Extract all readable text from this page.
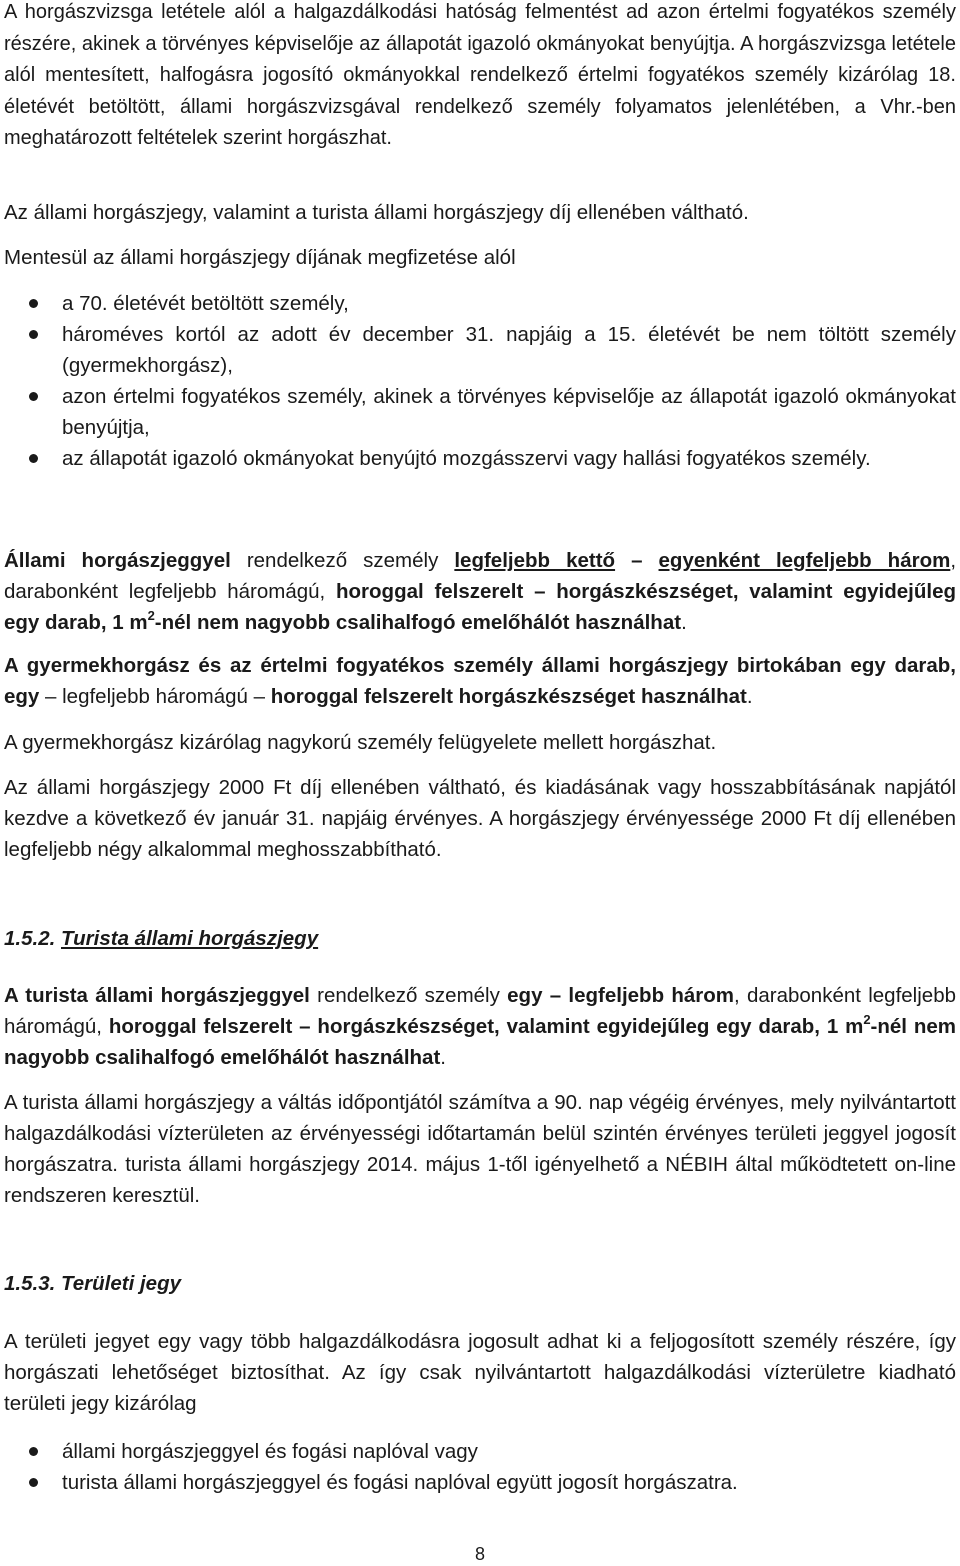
A horgászvizsga letétele alól a halgazdálkodási hatóság felmentést ad azon értelmi fogyatékos személy részére, akinek a törvényes képviselője az állapotát igazoló okmányokat benyújtja. A horgászvizsga letétele alól mentesített, halfogásra jogosító okmányokkal rendelkező értelmi fogyatékos személy kizárólag 18. életévét betöltött, állami horgászvizsgával rendelkező személy folyamatos jelenlétében, a Vhr.-ben meghatározott feltételek szerint horgászhat.

Az állami horgászjegy, valamint a turista állami horgászjegy díj ellenében váltható.

Mentesül az állami horgászjegy díjának megfizetése alól

a 70. életévét betöltött személy,
hároméves kortól az adott év december 31. napjáig a 15. életévét be nem töltött személy (gyermekhorgász),
azon értelmi fogyatékos személy, akinek a törvényes képviselője az állapotát igazoló okmányokat benyújtja,
az állapotát igazoló okmányokat benyújtó mozgásszervi vagy hallási fogyatékos személy.

Állami horgászjeggyel rendelkező személy legfeljebb kettő – egyenként legfeljebb három, darabonként legfeljebb háromágú, horoggal felszerelt – horgászkészséget, valamint egyidejűleg egy darab, 1 $m^2$-nél nem nagyobb csalihalfogó emelőhálót használhat.

A gyermekhorgász és az értelmi fogyatékos személy állami horgászjegy birtokában egy darab, egy – legfeljebb háromágú – horoggal felszerelt horgászkészséget használhat.

A gyermekhorgász kizárólag nagykorú személy felügyelete mellett horgászhat.

Az állami horgászjegy 2000 Ft díj ellenében váltható, és kiadásának vagy hosszabbításának napjától kezdve a következő év január 31. napjáig érvényes. A horgászjegy érvényessége 2000 Ft díj ellenében legfeljebb négy alkalommal meghosszabbítható.

1.5.2. Turista állami horgászjegy

A turista állami horgászjeggyel rendelkező személy egy – legfeljebb három, darabonként legfeljebb háromágú, horoggal felszerelt – horgászkészséget, valamint egyidejűleg egy darab, 1 $m^2$-nél nem nagyobb csalihalfogó emelőhálót használhat.

A turista állami horgászjegy a váltás időpontjától számítva a 90. nap végéig érvényes, mely nyilvántartott halgazdálkodási vízterületen az érvényességi időtartamán belül szintén érvényes területi jeggyel jogosít horgászatra. turista állami horgászjegy 2014. május 1-től igényelhető a NÉBIH által működtetett on-line rendszeren keresztül.

1.5.3. Területi jegy

A területi jegyet egy vagy több halgazdálkodásra jogosult adhat ki a feljogosított személy részére, így horgászati lehetőséget biztosíthat. Az így csak nyilvántartott halgazdálkodási vízterületre kiadható területi jegy kizárólag

állami horgászjeggyel és fogási naplóval vagy
turista állami horgászjeggyel és fogási naplóval együtt jogosít horgászatra.
8
